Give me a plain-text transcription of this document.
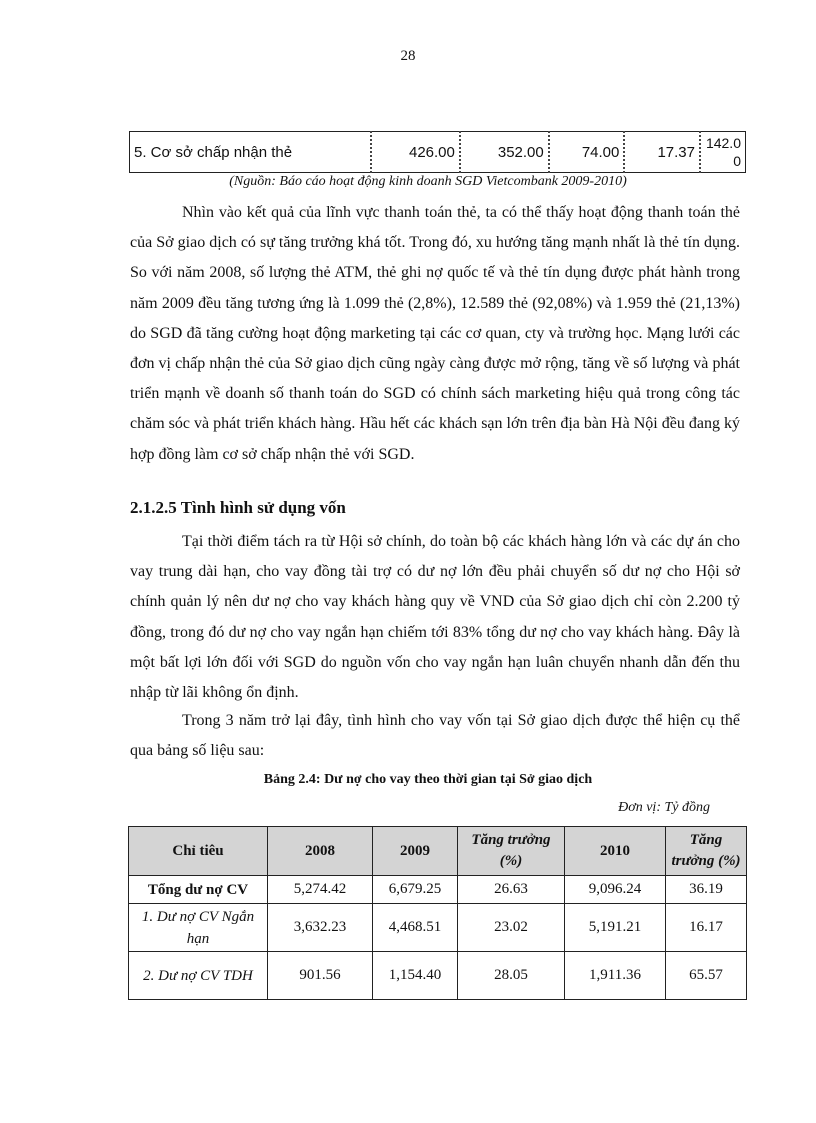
28
5. Cơ sở chấp nhận thẻ	426.00	352.00	74.00	17.37	142.00
(Nguồn: Báo cáo hoạt động kinh doanh SGD Vietcombank 2009-2010)

Nhìn vào kết quả của lĩnh vực thanh toán thẻ, ta có thể thấy hoạt động thanh toán thẻ của Sở giao dịch có sự tăng trưởng khá tốt. Trong đó, xu hướng tăng mạnh nhất là thẻ tín dụng. So với năm 2008, số lượng thẻ ATM, thẻ ghi nợ quốc tế và thẻ tín dụng được phát hành trong năm 2009 đều tăng tương ứng là 1.099 thẻ (2,8%), 12.589 thẻ (92,08%) và 1.959 thẻ (21,13%) do SGD đã tăng cường hoạt động marketing tại các cơ quan, cty và trường học. Mạng lưới các đơn vị chấp nhận thẻ của Sở giao dịch cũng ngày càng được mở rộng, tăng về số lượng và phát triển mạnh về doanh số thanh toán do SGD có chính sách marketing hiệu quả trong công tác chăm sóc và phát triển khách hàng. Hầu hết các khách sạn lớn trên địa bàn Hà Nội đều đang ký hợp đồng làm cơ sở chấp nhận thẻ với SGD.

2.1.2.5 Tình hình sử dụng vốn

Tại thời điểm tách ra từ Hội sở chính, do toàn bộ các khách hàng lớn và các dự án cho vay trung dài hạn, cho vay đồng tài trợ có dư nợ lớn đều phải chuyển số dư nợ cho Hội sở chính quản lý nên dư nợ cho vay khách hàng quy về VND của Sở giao dịch chỉ còn 2.200 tỷ đồng, trong đó dư nợ cho vay ngắn hạn chiếm tới 83% tổng dư nợ cho vay khách hàng. Đây là một bất lợi lớn đối với SGD do nguồn vốn cho vay ngắn hạn luân chuyển nhanh dẫn đến thu nhập từ lãi không ổn định.

Trong 3 năm trở lại đây, tình hình cho vay vốn tại Sở giao dịch được thể hiện cụ thể qua bảng số liệu sau:

Bảng 2.4: Dư nợ cho vay theo thời gian tại Sở giao dịch
Đơn vị: Tỷ đồng
Chỉ tiêu	2008	2009	Tăng trưởng (%)	2010	Tăng trưởng (%)
Tổng dư nợ CV	5,274.42	6,679.25	26.63	9,096.24	36.19
1. Dư nợ CV Ngắn hạn	3,632.23	4,468.51	23.02	5,191.21	16.17
2. Dư nợ CV TDH	901.56	1,154.40	28.05	1,911.36	65.57
